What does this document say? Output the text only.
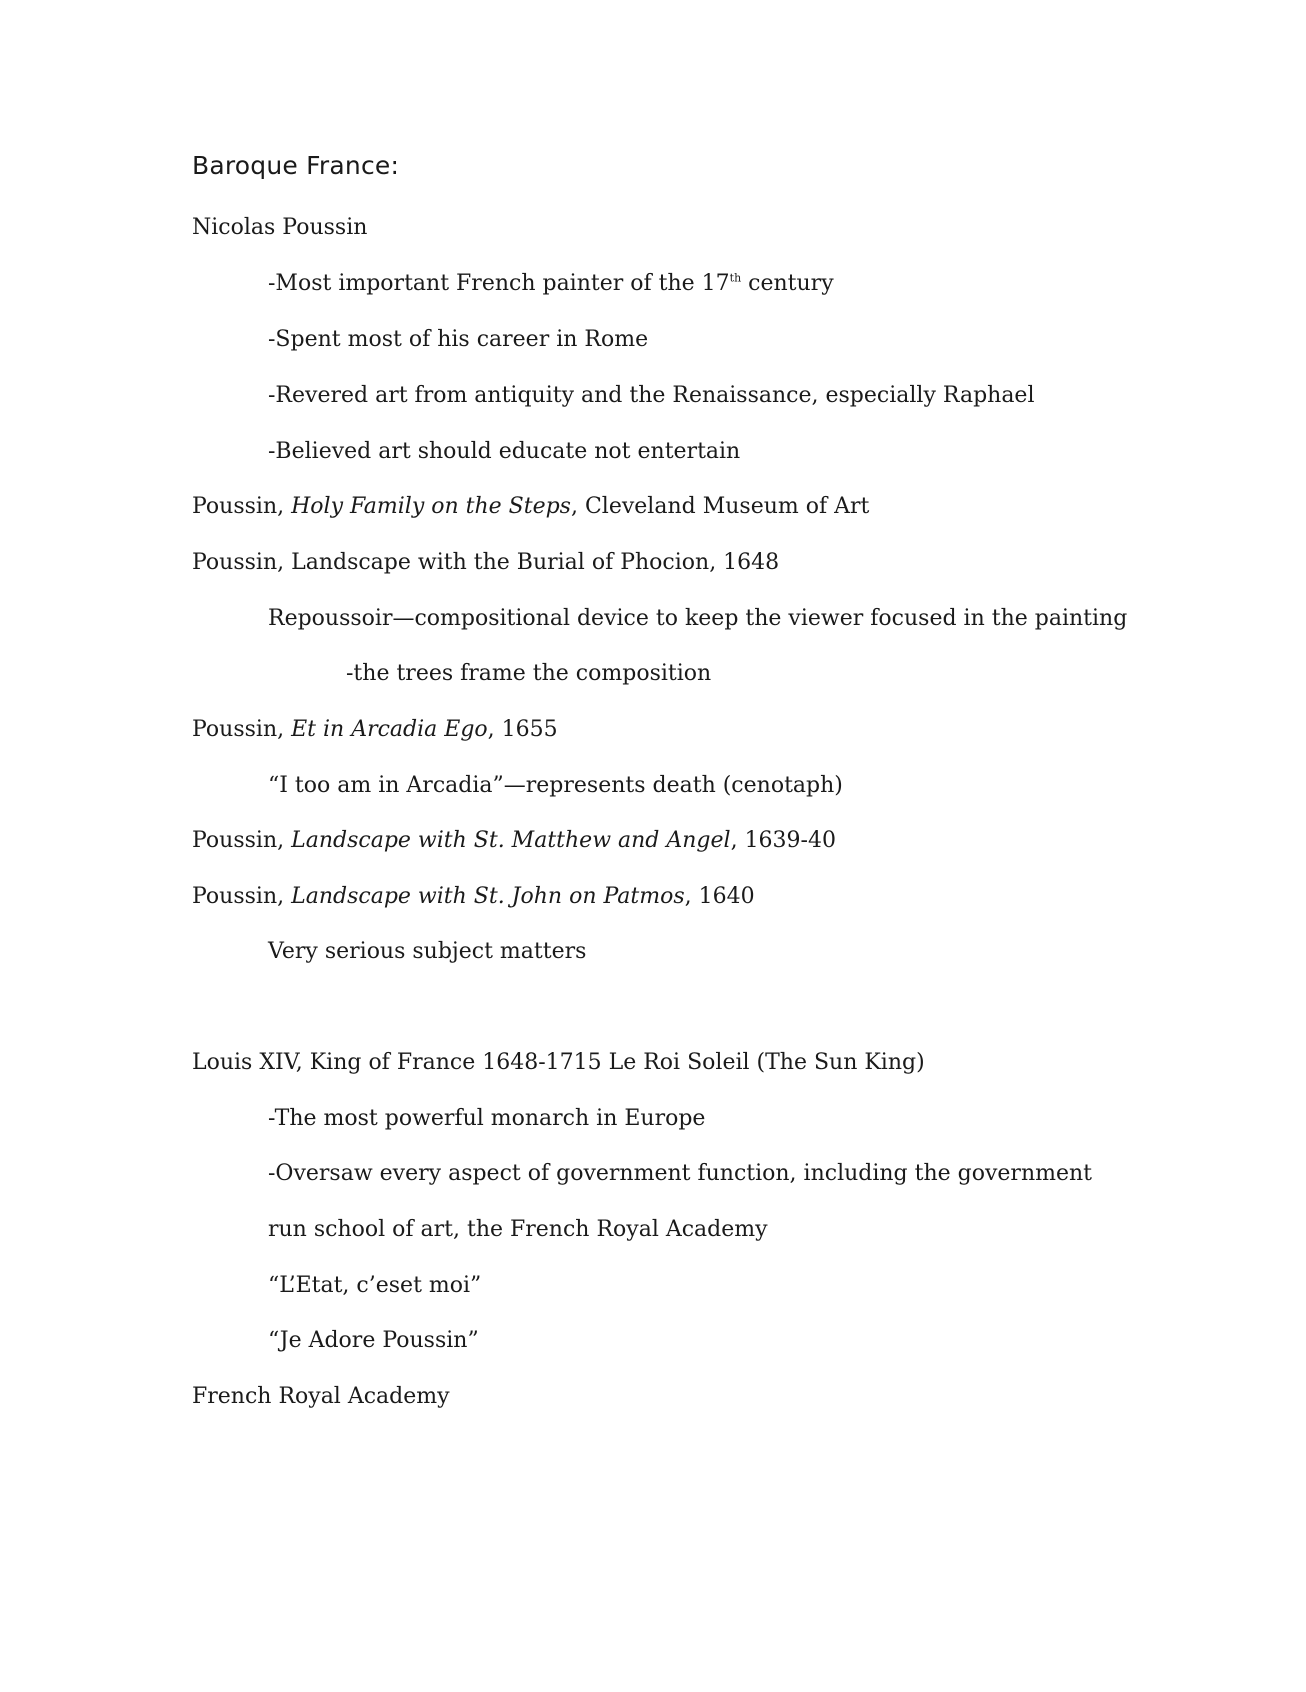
Baroque France:
Nicolas Poussin
-Most important French painter of the 17th century
-Spent most of his career in Rome
-Revered art from antiquity and the Renaissance, especially Raphael
-Believed art should educate not entertain
Poussin, Holy Family on the Steps, Cleveland Museum of Art
Poussin, Landscape with the Burial of Phocion, 1648
Repoussoir—compositional device to keep the viewer focused in the painting
-the trees frame the composition
Poussin, Et in Arcadia Ego, 1655
“I too am in Arcadia”—represents death (cenotaph)
Poussin, Landscape with St. Matthew and Angel, 1639-40
Poussin, Landscape with St. John on Patmos, 1640
Very serious subject matters
Louis XIV, King of France 1648-1715 Le Roi Soleil (The Sun King)
-The most powerful monarch in Europe
-Oversaw every aspect of government function, including the government
run school of art, the French Royal Academy
“L’Etat, c’eset moi”
“Je Adore Poussin”
French Royal Academy
